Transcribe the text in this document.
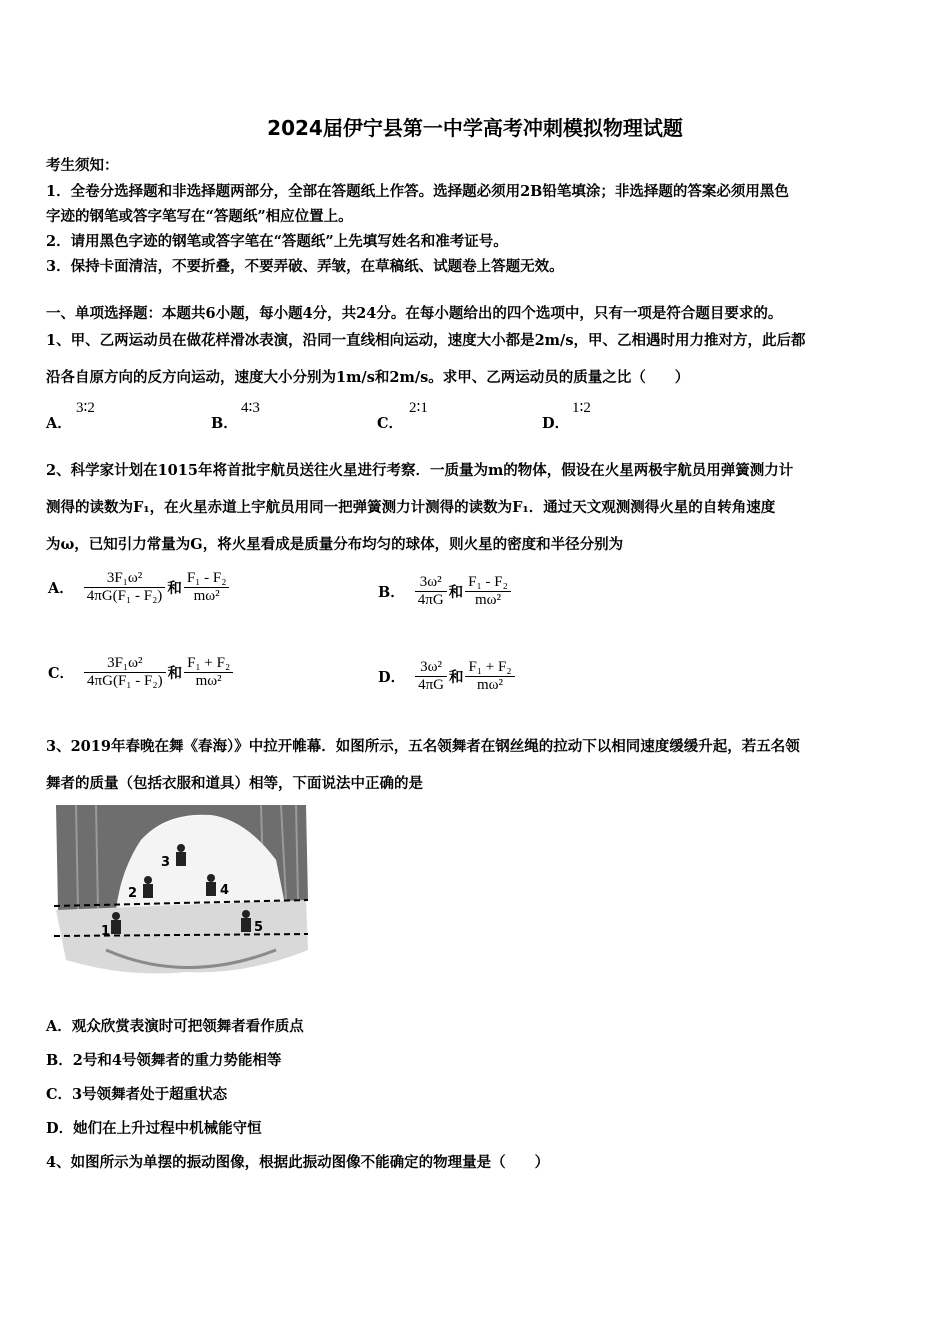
2024届伊宁县第一中学高考冲刺模拟物理试题
考生须知：
1．全卷分选择题和非选择题两部分，全部在答题纸上作答。选择题必须用2B铅笔填涂；非选择题的答案必须用黑色
字迹的钢笔或答字笔写在“答题纸”相应位置上。
2．请用黑色字迹的钢笔或答字笔在“答题纸”上先填写姓名和准考证号。
3．保持卡面清洁，不要折叠，不要弄破、弄皱，在草稿纸、试题卷上答题无效。
一、单项选择题：本题共6小题，每小题4分，共24分。在每小题给出的四个选项中，只有一项是符合题目要求的。
1、甲、乙两运动员在做花样滑冰表演，沿同一直线相向运动，速度大小都是2m/s，甲、乙相遇时用力推对方，此后都
沿各自原方向的反方向运动，速度大小分别为1m/s和2m/s。求甲、乙两运动员的质量之比（　　）
A．
3∶2
B．
4∶3
C．
2∶1
D．
1∶2
2、科学家计划在1015年将首批宇航员送往火星进行考察．一质量为m的物体，假设在火星两极宇航员用弹簧测力计
测得的读数为F₁，在火星赤道上宇航员用同一把弹簧测力计测得的读数为F₁．通过天文观测测得火星的自转角速度
为ω，已知引力常量为G，将火星看成是质量分布均匀的球体，则火星的密度和半径分别为
A． $\frac{\text{3F₁ω²}}{\text{4πG(F₁ - F₂)}}$ 和 $\frac{\text{F₁ - F₂}}{\text{mω²}}$	B． $\frac{\text{3ω²}}{4\pi G}$ 和 $\frac{\text{F₁ - F₂}}{\text{mω²}}$
C． $\frac{\text{3F₁ω²}}{\text{4πG(F₁ - F₂)}}$ 和 $\frac{\text{F₁ + F₂}}{\text{mω²}}$	D． $\frac{\text{3ω²}}{4\pi G}$ 和 $\frac{\text{F₁ + F₂}}{\text{mω²}}$
3、2019年春晚在舞《春海）》中拉开帷幕．如图所示，五名领舞者在钢丝绳的拉动下以相同速度缓缓升起，若五名领
舞者的质量（包括衣服和道具）相等，下面说法中正确的是
1
2
3
4
5
A．观众欣赏表演时可把领舞者看作质点
B．2号和4号领舞者的重力势能相等
C．3号领舞者处于超重状态
D．她们在上升过程中机械能守恒
4、如图所示为单摆的振动图像，根据此振动图像不能确定的物理量是（　　）
